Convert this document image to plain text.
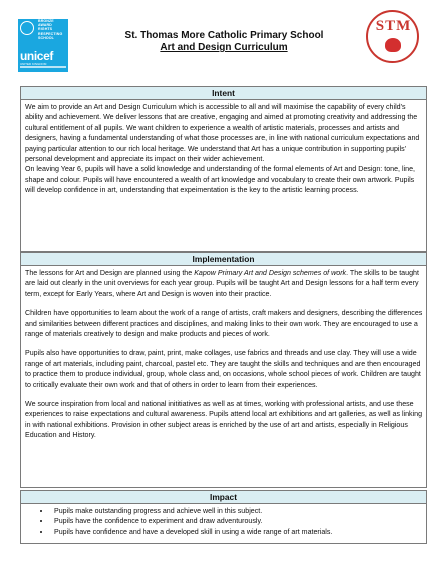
BRONZE
AWARD
RIGHTS
RESPECTING
SCHOOL
unicef
UNITED KINGDOM
STM
St. Thomas More Catholic Primary School
Art and Design Curriculum
Intent

We aim to provide an Art and Design Curriculum which is accessible to all and will maximise the capability of every child’s ability and achievement. We deliver lessons that are creative, engaging and aimed at promoting creativity and addressing the cultural entitlement of all pupils. We want children to experience a wealth of artistic materials, processes and artists and designers, having a fundamental understanding of what those processes are, in line with national curriculum expectations and paying particular attention to our rich local heritage. We understand that Art has a unique contribution in supporting pupils’ personal development and appreciate its impact on their wider achievement.

On leaving Year 6, pupils will have a solid knowledge and understanding of the formal elements of Art and Design: tone, line, shape and colour. Pupils will have encountered a wealth of art knowledge and vocabulary to create their own artwork. Pupils will develop confidence in art, understanding that expeimentation is the key to the artistic learning process.

Implementation

The lessons for Art and Design are planned using the Kapow Primary Art and Design schemes of work. The skills to be taught are laid out clearly in the unit overviews for each year group. Pupils will be taught Art and Design lessons for a half term every term, except for Early Years, where Art and Design is woven into their practice.

Children have opportunities to learn about the work of a range of artists, craft makers and designers, describing the differences and similarities between different practices and disciplines, and making links to their own work. They are encouraged to use a range of materials creatively to design and make products and pieces of work.

Pupils also have opportunities to draw, paint, print, make collages, use fabrics and threads and use clay. They will use a wide range of art materials, including paint, charcoal, pastel etc. They are taught the skills and techniques and are then encouraged to practice them to produce individual, group, whole class and, on occasions, whole school pieces of work. Children are taught to critically evaluate their own work and that of others in order to learn from their experiences.

We source inspiration from local and national inititiatives as well as at times, working with professional artists, and use these experiences to raise expectations and cultural awareness. Pupils attend local art exhibitions and art galleries, as well as linking in with national exhibitions. Provision in other subject areas is enriched by the use of art and artists, especially in Religious Education and History.

Impact
• Pupils make outstanding progress and achieve well in this subject.
• Pupils have the confidence to experiment and draw adventurously.
• Pupils have confidence and have a developed skill in using a wide range of art materials.
